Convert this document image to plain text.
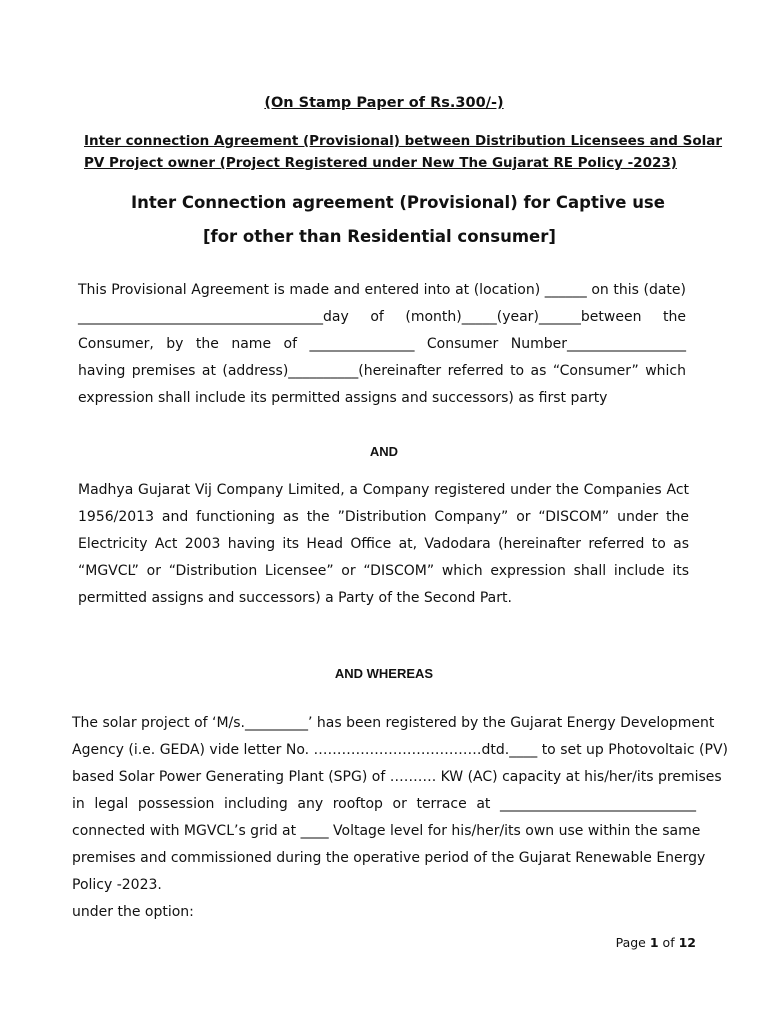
(On Stamp Paper of Rs.300/-)
Inter connection Agreement (Provisional) between Distribution Licensees and Solar
PV Project owner (Project Registered under New The Gujarat RE Policy -2023)
Inter Connection agreement (Provisional) for Captive use
[for other than Residential consumer]

This Provisional Agreement is made and entered into at (location) ______ on this (date)

___________________________________day of (month)_____(year)______between the

Consumer, by the name of _______________ Consumer Number_________________

having premises at (address)__________(hereinafter referred to as “Consumer” which

expression shall include its permitted assigns and successors) as first party

AND

Madhya Gujarat Vij Company Limited, a Company registered under the Companies Act

1956/2013 and functioning as the ”Distribution Company” or “DISCOM” under the

Electricity Act 2003 having its Head Office at, Vadodara (hereinafter referred to as

“MGVCL” or “Distribution Licensee” or “DISCOM” which expression shall include its

permitted assigns and successors) a Party of the Second Part.

AND WHEREAS

The solar project of ‘M/s._________’ has been registered by the Gujarat Energy Development

Agency (i.e. GEDA) vide letter No. ………………………………dtd.____ to set up Photovoltaic (PV)

based Solar Power Generating Plant (SPG) of ………. KW (AC) capacity at his/her/its premises

in legal possession including any rooftop or terrace at ____________________________

connected with MGVCL’s grid at ____ Voltage level for his/her/its own use within the same

premises and commissioned during the operative period of the Gujarat Renewable Energy

Policy -2023.

under the option:

Page 1 of 12
